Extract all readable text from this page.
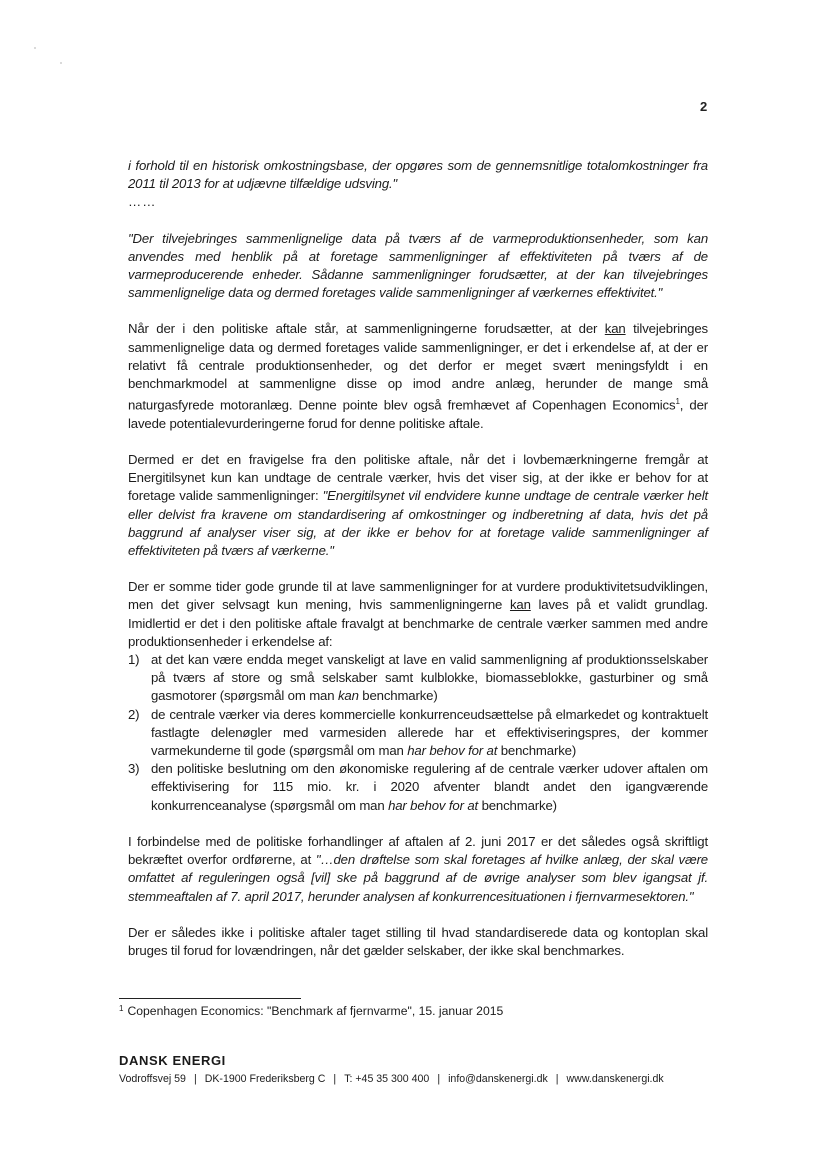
2

i forhold til en historisk omkostningsbase, der opgøres som de gennemsnitlige totalomkostninger fra 2011 til 2013 for at udjævne tilfældige udsving."

……

"Der tilvejebringes sammenlignelige data på tværs af de varmeproduktionsenheder, som kan anvendes med henblik på at foretage sammenligninger af effektiviteten på tværs af de varmeproducerende enheder. Sådanne sammenligninger forudsætter, at der kan tilvejebringes sammenlignelige data og dermed foretages valide sammenligninger af værkernes effektivitet."

Når der i den politiske aftale står, at sammenligningerne forudsætter, at der kan tilvejebringes sammenlignelige data og dermed foretages valide sammenligninger, er det i erkendelse af, at der er relativt få centrale produktionsenheder, og det derfor er meget svært meningsfyldt i en benchmarkmodel at sammenligne disse op imod andre anlæg, herunder de mange små naturgasfyrede motoranlæg. Denne pointe blev også fremhævet af Copenhagen Economics$^1$, der lavede potentialevurderingerne forud for denne politiske aftale.

Dermed er det en fravigelse fra den politiske aftale, når det i lovbemærkningerne fremgår at Energitilsynet kun kan undtage de centrale værker, hvis det viser sig, at der ikke er behov for at foretage valide sammenligninger: "Energitilsynet vil endvidere kunne undtage de centrale værker helt eller delvist fra kravene om standardisering af omkostninger og indberetning af data, hvis det på baggrund af analyser viser sig, at der ikke er behov for at foretage valide sammenligninger af effektiviteten på tværs af værkerne."

Der er somme tider gode grunde til at lave sammenligninger for at vurdere produktivitetsudviklingen, men det giver selvsagt kun mening, hvis sammenligningerne kan laves på et validt grundlag. Imidlertid er det i den politiske aftale fravalgt at benchmarke de centrale værker sammen med andre produktionsenheder i erkendelse af:

1) at det kan være endda meget vanskeligt at lave en valid sammenligning af produktionsselskaber på tværs af store og små selskaber samt kulblokke, biomasseblokke, gasturbiner og små gasmotorer (spørgsmål om man kan benchmarke)
2) de centrale værker via deres kommercielle konkurrenceudsættelse på elmarkedet og kontraktuelt fastlagte delenøgler med varmesiden allerede har et effektiviseringspres, der kommer varmekunderne til gode (spørgsmål om man har behov for at benchmarke)
3) den politiske beslutning om den økonomiske regulering af de centrale værker udover aftalen om effektivisering for 115 mio. kr. i 2020 afventer blandt andet den igangværende konkurrenceanalyse (spørgsmål om man har behov for at benchmarke)

I forbindelse med de politiske forhandlinger af aftalen af 2. juni 2017 er det således også skriftligt bekræftet overfor ordførerne, at "…den drøftelse som skal foretages af hvilke anlæg, der skal være omfattet af reguleringen også [vil] ske på baggrund af de øvrige analyser som blev igangsat jf. stemmeaftalen af 7. april 2017, herunder analysen af konkurrencesituationen i fjernvarmesektoren."

Der er således ikke i politiske aftaler taget stilling til hvad standardiserede data og kontoplan skal bruges til forud for lovændringen, når det gælder selskaber, der ikke skal benchmarkes.

$^1$ Copenhagen Economics: "Benchmark af fjernvarme", 15. januar 2015
DANSK ENERGI
Vodroffsvej 59 | DK-1900 Frederiksberg C | T: +45 35 300 400 | info@danskenergi.dk | www.danskenergi.dk
